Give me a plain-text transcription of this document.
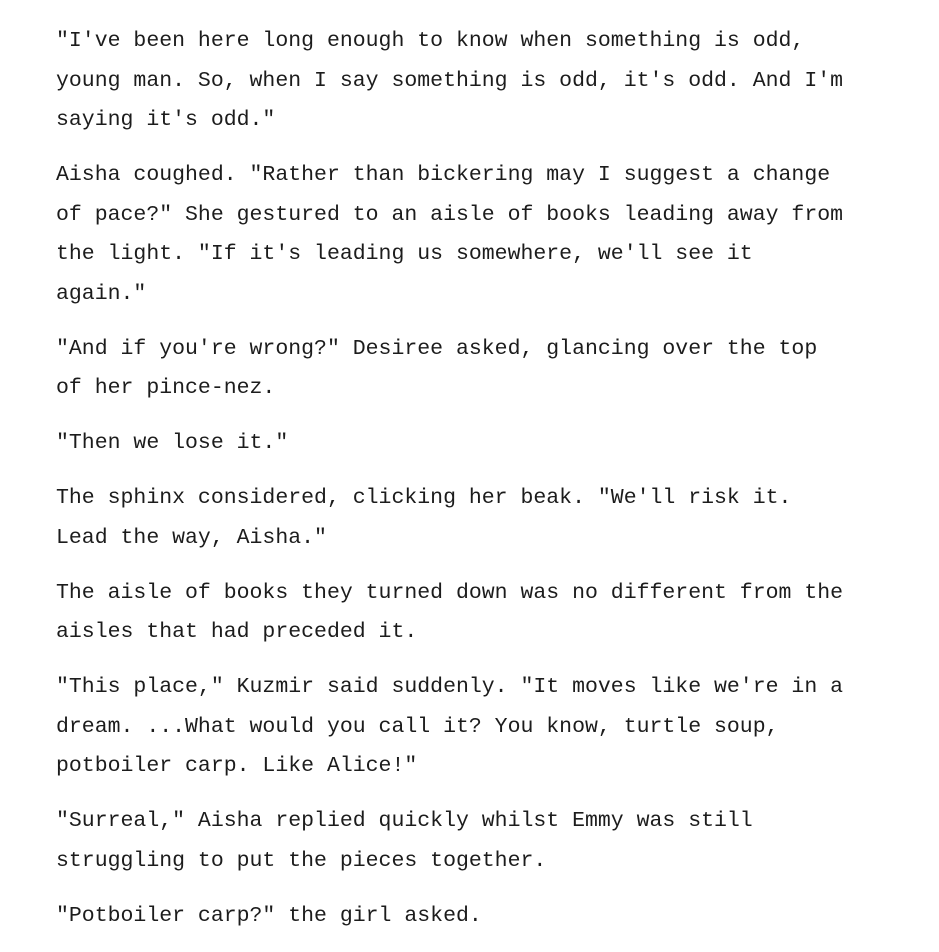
"I've been here long enough to know when something is odd,
young man. So, when I say something is odd, it's odd. And I'm
saying it's odd."

Aisha coughed. "Rather than bickering may I suggest a change
of pace?" She gestured to an aisle of books leading away from
the light. "If it's leading us somewhere, we'll see it
again."

"And if you're wrong?" Desiree asked, glancing over the top
of her pince-nez.

"Then we lose it."

The sphinx considered, clicking her beak. "We'll risk it.
Lead the way, Aisha."

The aisle of books they turned down was no different from the
aisles that had preceded it.

"This place," Kuzmir said suddenly. "It moves like we're in a
dream. ...What would you call it? You know, turtle soup,
potboiler carp. Like Alice!"

"Surreal," Aisha replied quickly whilst Emmy was still
struggling to put the pieces together.

"Potboiler carp?" the girl asked.
